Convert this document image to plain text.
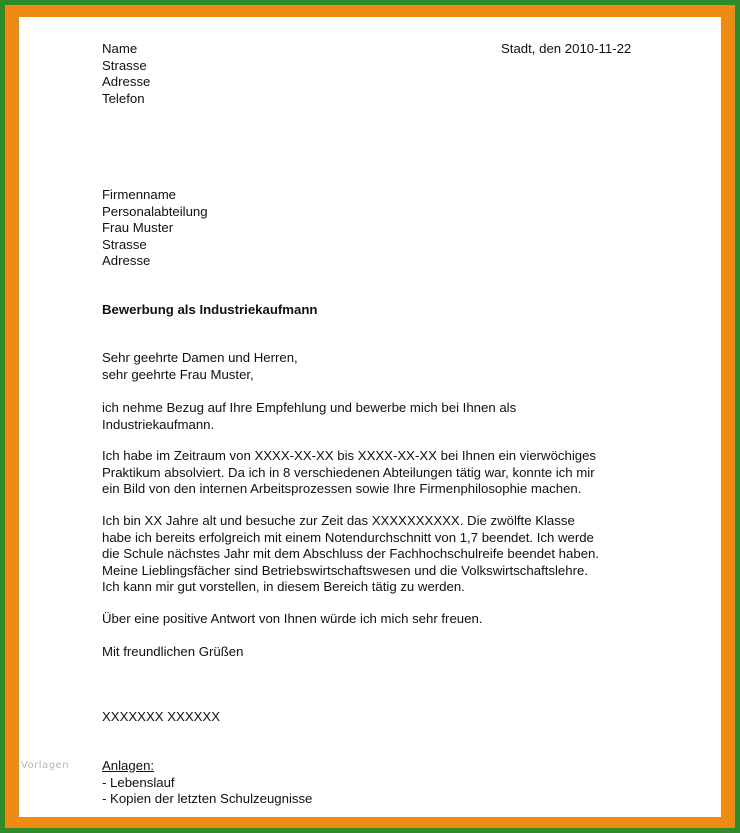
Name
Strasse
Adresse
Telefon
Stadt, den 2010-11-22
Firmenname
Personalabteilung
Frau Muster
Strasse
Adresse
Bewerbung als Industriekaufmann
Sehr geehrte Damen und Herren,
sehr geehrte Frau Muster,
ich nehme Bezug auf Ihre Empfehlung und bewerbe mich bei Ihnen als
Industriekaufmann.
Ich habe im Zeitraum von XXXX-XX-XX bis XXXX-XX-XX bei Ihnen ein vierwöchiges
Praktikum absolviert. Da ich in 8 verschiedenen Abteilungen tätig war, konnte ich mir
ein Bild von den internen Arbeitsprozessen sowie Ihre Firmenphilosophie machen.
Ich bin XX Jahre alt und besuche zur Zeit das XXXXXXXXXX. Die zwölfte Klasse
habe ich bereits erfolgreich mit einem Notendurchschnitt von 1,7 beendet. Ich werde
die Schule nächstes Jahr mit dem Abschluss der Fachhochschulreife beendet haben.
Meine Lieblingsfächer sind Betriebswirtschaftswesen und die Volkswirtschaftslehre.
Ich kann mir gut vorstellen, in diesem Bereich tätig zu werden.
Über eine positive Antwort von Ihnen würde ich mich sehr freuen.
Mit freundlichen Grüßen
XXXXXXX XXXXXX
Anlagen:
- Lebenslauf
- Kopien der letzten Schulzeugnisse
Vorlagen
